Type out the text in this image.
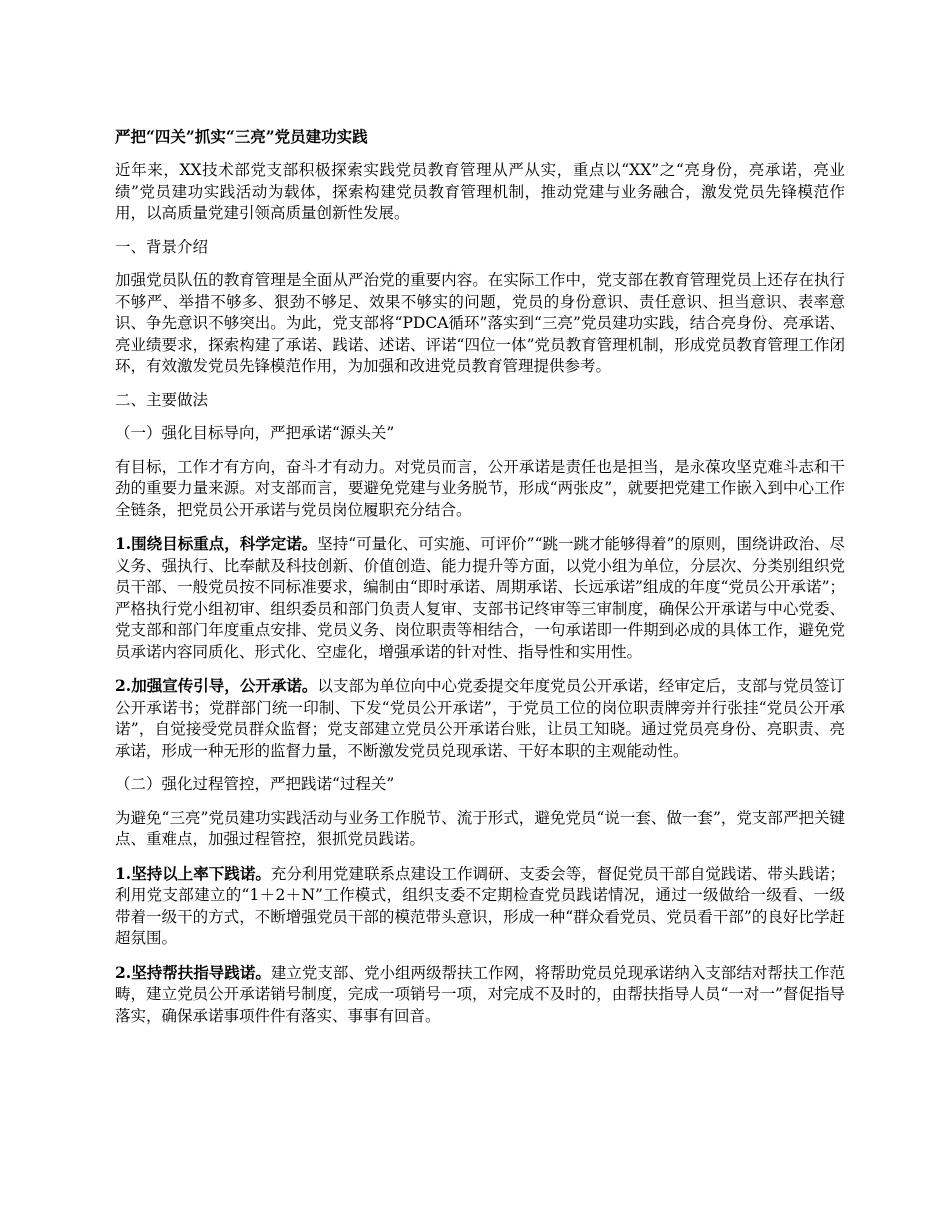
严把“四关”抓实“三亮”党员建功实践

近年来，XX技术部党支部积极探索实践党员教育管理从严从实，重点以“XX”之“亮身份，亮承诺，亮业绩”党员建功实践活动为载体，探索构建党员教育管理机制，推动党建与业务融合，激发党员先锋模范作用，以高质量党建引领高质量创新性发展。

一、背景介绍

加强党员队伍的教育管理是全面从严治党的重要内容。在实际工作中，党支部在教育管理党员上还存在执行不够严、举措不够多、狠劲不够足、效果不够实的问题，党员的身份意识、责任意识、担当意识、表率意识、争先意识不够突出。为此，党支部将“PDCA循环”落实到“三亮”党员建功实践，结合亮身份、亮承诺、亮业绩要求，探索构建了承诺、践诺、述诺、评诺“四位一体”党员教育管理机制，形成党员教育管理工作闭环，有效激发党员先锋模范作用，为加强和改进党员教育管理提供参考。

二、主要做法

（一）强化目标导向，严把承诺“源头关”

有目标，工作才有方向，奋斗才有动力。对党员而言，公开承诺是责任也是担当，是永葆攻坚克难斗志和干劲的重要力量来源。对支部而言，要避免党建与业务脱节，形成“两张皮”，就要把党建工作嵌入到中心工作全链条，把党员公开承诺与党员岗位履职充分结合。

1.围绕目标重点，科学定诺。坚持“可量化、可实施、可评价”“跳一跳才能够得着”的原则，围绕讲政治、尽义务、强执行、比奉献及科技创新、价值创造、能力提升等方面，以党小组为单位，分层次、分类别组织党员干部、一般党员按不同标准要求，编制由“即时承诺、周期承诺、长远承诺”组成的年度“党员公开承诺”；严格执行党小组初审、组织委员和部门负责人复审、支部书记终审等三审制度，确保公开承诺与中心党委、党支部和部门年度重点安排、党员义务、岗位职责等相结合，一句承诺即一件期到必成的具体工作，避免党员承诺内容同质化、形式化、空虚化，增强承诺的针对性、指导性和实用性。

2.加强宣传引导，公开承诺。以支部为单位向中心党委提交年度党员公开承诺，经审定后，支部与党员签订公开承诺书；党群部门统一印制、下发“党员公开承诺”，于党员工位的岗位职责牌旁并行张挂“党员公开承诺”，自觉接受党员群众监督；党支部建立党员公开承诺台账，让员工知晓。通过党员亮身份、亮职责、亮承诺，形成一种无形的监督力量，不断激发党员兑现承诺、干好本职的主观能动性。

（二）强化过程管控，严把践诺“过程关”

为避免“三亮”党员建功实践活动与业务工作脱节、流于形式，避免党员“说一套、做一套”，党支部严把关键点、重难点，加强过程管控，狠抓党员践诺。

1.坚持以上率下践诺。充分利用党建联系点建设工作调研、支委会等，督促党员干部自觉践诺、带头践诺；利用党支部建立的“1＋2＋N”工作模式，组织支委不定期检查党员践诺情况，通过一级做给一级看、一级带着一级干的方式，不断增强党员干部的模范带头意识，形成一种“群众看党员、党员看干部”的良好比学赶超氛围。

2.坚持帮扶指导践诺。建立党支部、党小组两级帮扶工作网，将帮助党员兑现承诺纳入支部结对帮扶工作范畴，建立党员公开承诺销号制度，完成一项销号一项，对完成不及时的，由帮扶指导人员“一对一”督促指导落实，确保承诺事项件件有落实、事事有回音。
